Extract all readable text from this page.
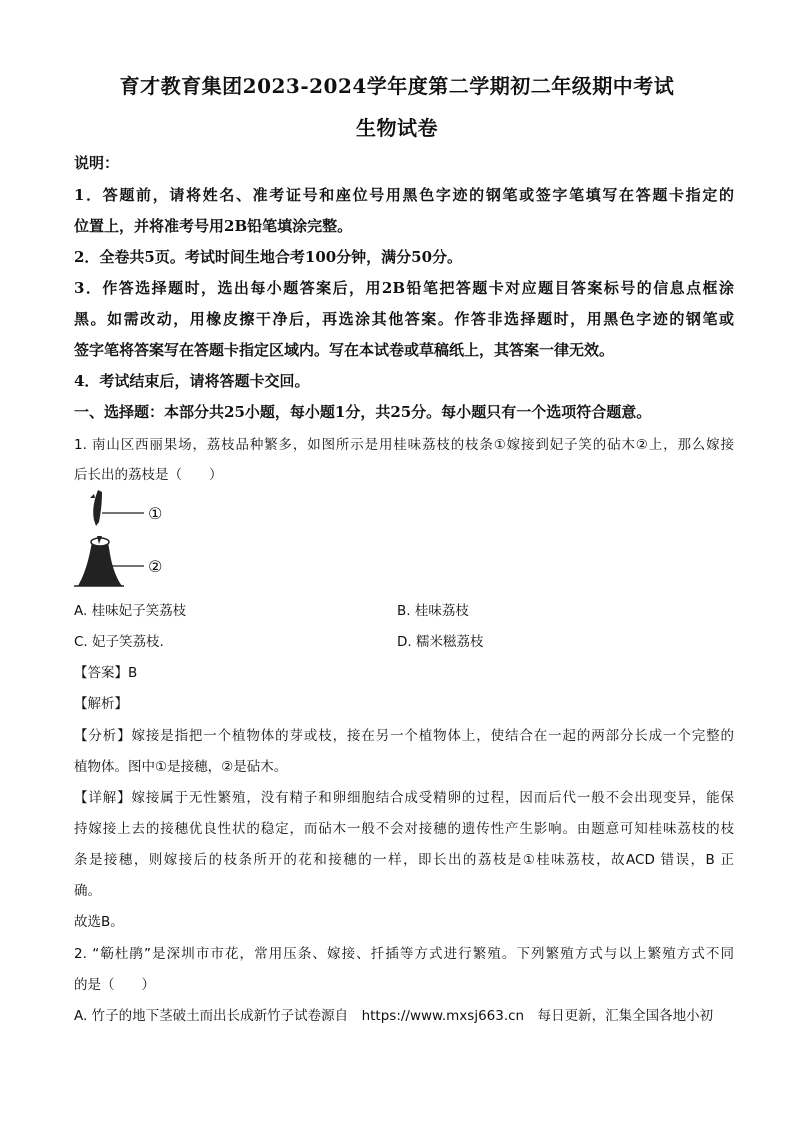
育才教育集团2023-2024学年度第二学期初二年级期中考试
生物试卷
说明：
1．答题前，请将姓名、准考证号和座位号用黑色字迹的钢笔或签字笔填写在答题卡指定的
位置上，并将准考号用2B铅笔填涂完整。
2．全卷共5页。考试时间生地合考100分钟，满分50分。
3．作答选择题时，选出每小题答案后，用2B铅笔把答题卡对应题目答案标号的信息点框涂
黑。如需改动，用橡皮擦干净后，再选涂其他答案。作答非选择题时，用黑色字迹的钢笔或
签字笔将答案写在答题卡指定区域内。写在本试卷或草稿纸上，其答案一律无效。
4．考试结束后，请将答题卡交回。
一、选择题：本部分共25小题，每小题1分，共25分。每小题只有一个选项符合题意。
1. 南山区西丽果场，荔枝品种繁多，如图所示是用桂味荔枝的枝条①嫁接到妃子笑的砧木②上，那么嫁接
后长出的荔枝是（　　）
①
②
A. 桂味妃子笑荔枝	B. 桂味荔枝
C. 妃子笑荔枝.	D. 糯米糍荔枝
【答案】B
【解析】
【分析】嫁接是指把一个植物体的芽或枝，接在另一个植物体上，使结合在一起的两部分长成一个完整的
植物体。图中①是接穗，②是砧木。
【详解】嫁接属于无性繁殖，没有精子和卵细胞结合成受精卵的过程，因而后代一般不会出现变异，能保
持嫁接上去的接穗优良性状的稳定，而砧木一般不会对接穗的遗传性产生影响。由题意可知桂味荔枝的枝
条是接穗，则嫁接后的枝条所开的花和接穗的一样，即长出的荔枝是①桂味荔枝，故ACD 错误，B 正
确。
故选B。
2. “簕杜鹃”是深圳市市花，常用压条、嫁接、扦插等方式进行繁殖。下列繁殖方式与以上繁殖方式不同
的是（　　）
A. 竹子的地下茎破土而出长成新竹子试卷源自　https://www.mxsj663.cn　每日更新，汇集全国各地小初
